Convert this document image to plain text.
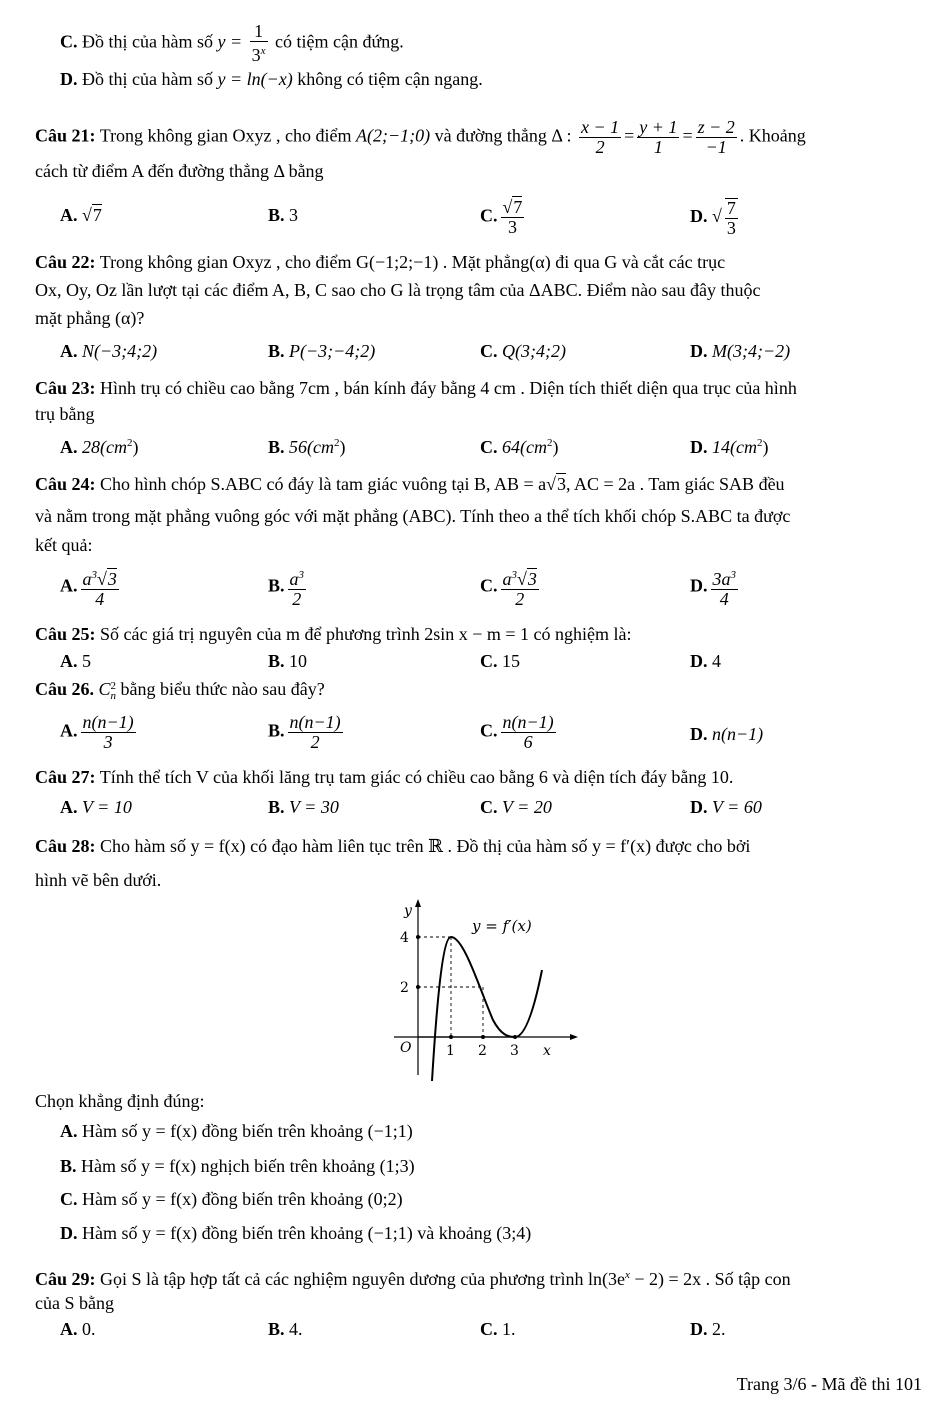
C. Đồ thị của hàm số $y = \frac{1}{3^x}$ có tiệm cận đứng.
D. Đồ thị của hàm số y = ln(−x) không có tiệm cận ngang.
Câu 21: Trong không gian Oxyz , cho điểm A(2;−1;0) và đường thẳng Δ : $\frac{x - 1}{2} = \frac{y + 1}{1} = \frac{z - 2}{-1}$ . Khoảng
cách từ điểm A đến đường thẳng Δ bằng
A. √7	B. 3	C. $\frac{√7}{3}$	D. √ $\frac{7}{3}$
Câu 22: Trong không gian Oxyz , cho điểm G(−1;2;−1) . Mặt phẳng(α) đi qua G và cắt các trục
Ox, Oy, Oz lần lượt tại các điểm A, B, C sao cho G là trọng tâm của ΔABC. Điểm nào sau đây thuộc
mặt phẳng (α)?
A. N(−3;4;2)	B. P(−3;−4;2)	C. Q(3;4;2)	D. M(3;4;−2)
Câu 23: Hình trụ có chiều cao bằng 7cm , bán kính đáy bằng 4 cm . Diện tích thiết diện qua trục của hình
trụ bằng
A. $28(cm^2)$	B. $56(cm^2)$	C. $64(cm^2)$	D. $14(cm^2)$
Câu 24: Cho hình chóp S.ABC có đáy là tam giác vuông tại B, AB = a√3, AC = 2a . Tam giác SAB đều
và nằm trong mặt phẳng vuông góc với mặt phẳng (ABC). Tính theo a thể tích khối chóp S.ABC ta được
kết quả:
A. $\frac{a^3√3}{4}$	B. $\frac{a^3}{2}$	C. $\frac{a^3√3}{2}$	D. $\frac{3a^3}{4}$
Câu 25: Số các giá trị nguyên của m để phương trình 2sin x − m = 1 có nghiệm là:
A. 5	B. 10	C. 15	D. 4
Câu 26. C 2
n bằng biểu thức nào sau đây?
A. $\frac{n(n-1)}{3}$	B. $\frac{n(n-1)}{2}$	C. $\frac{n(n-1)}{6}$	D. n(n−1)
Câu 27: Tính thể tích V của khối lăng trụ tam giác có chiều cao bằng 6 và diện tích đáy bằng 10.
A. V = 10	B. V = 30	C. V = 20	D. V = 60
Câu 28: Cho hàm số y = f(x) có đạo hàm liên tục trên ℝ . Đồ thị của hàm số y = f′(x) được cho bởi
hình vẽ bên dưới.
y
4
2
O 1 2 3 x
y = f′(x)
Chọn khẳng định đúng:
A. Hàm số y = f(x) đồng biến trên khoảng (−1;1)
B. Hàm số y = f(x) nghịch biến trên khoảng (1;3)
C. Hàm số y = f(x) đồng biến trên khoảng (0;2)
D. Hàm số y = f(x) đồng biến trên khoảng (−1;1) và khoảng (3;4)
Câu 29: Gọi S là tập hợp tất cả các nghiệm nguyên dương của phương trình $\ln(3e^x - 2) = 2x$ . Số tập con
của S bằng
A. 0.	B. 4.	C. 1.	D. 2.
Trang 3/6 - Mã đề thi 101
